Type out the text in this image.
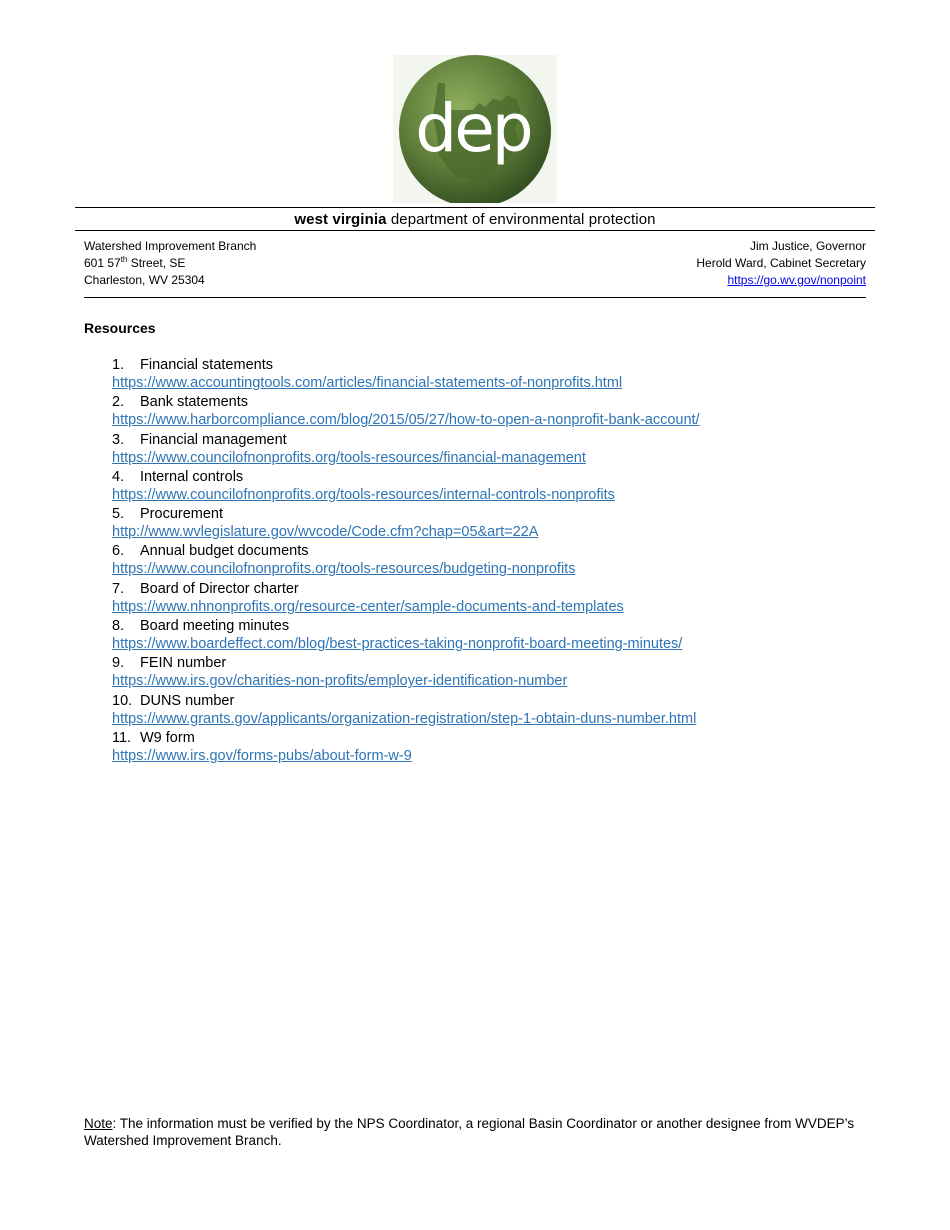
dep
west virginia department of environmental protection
Watershed Improvement Branch
601 57th Street, SE
Charleston, WV 25304
Jim Justice, Governor
Herold Ward, Cabinet Secretary
https://go.wv.gov/nonpoint
Resources
1. Financial statements
https://www.accountingtools.com/articles/financial-statements-of-nonprofits.html
2. Bank statements
https://www.harborcompliance.com/blog/2015/05/27/how-to-open-a-nonprofit-bank-account/
3. Financial management
https://www.councilofnonprofits.org/tools-resources/financial-management
4. Internal controls
https://www.councilofnonprofits.org/tools-resources/internal-controls-nonprofits
5. Procurement
http://www.wvlegislature.gov/wvcode/Code.cfm?chap=05&art=22A
6. Annual budget documents
https://www.councilofnonprofits.org/tools-resources/budgeting-nonprofits
7. Board of Director charter
https://www.nhnonprofits.org/resource-center/sample-documents-and-templates
8. Board meeting minutes
https://www.boardeffect.com/blog/best-practices-taking-nonprofit-board-meeting-minutes/
9. FEIN number
https://www.irs.gov/charities-non-profits/employer-identification-number
10. DUNS number
https://www.grants.gov/applicants/organization-registration/step-1-obtain-duns-number.html
11. W9 form
https://www.irs.gov/forms-pubs/about-form-w-9
Note: The information must be verified by the NPS Coordinator, a regional Basin Coordinator or another designee from WVDEP’s Watershed Improvement Branch.
